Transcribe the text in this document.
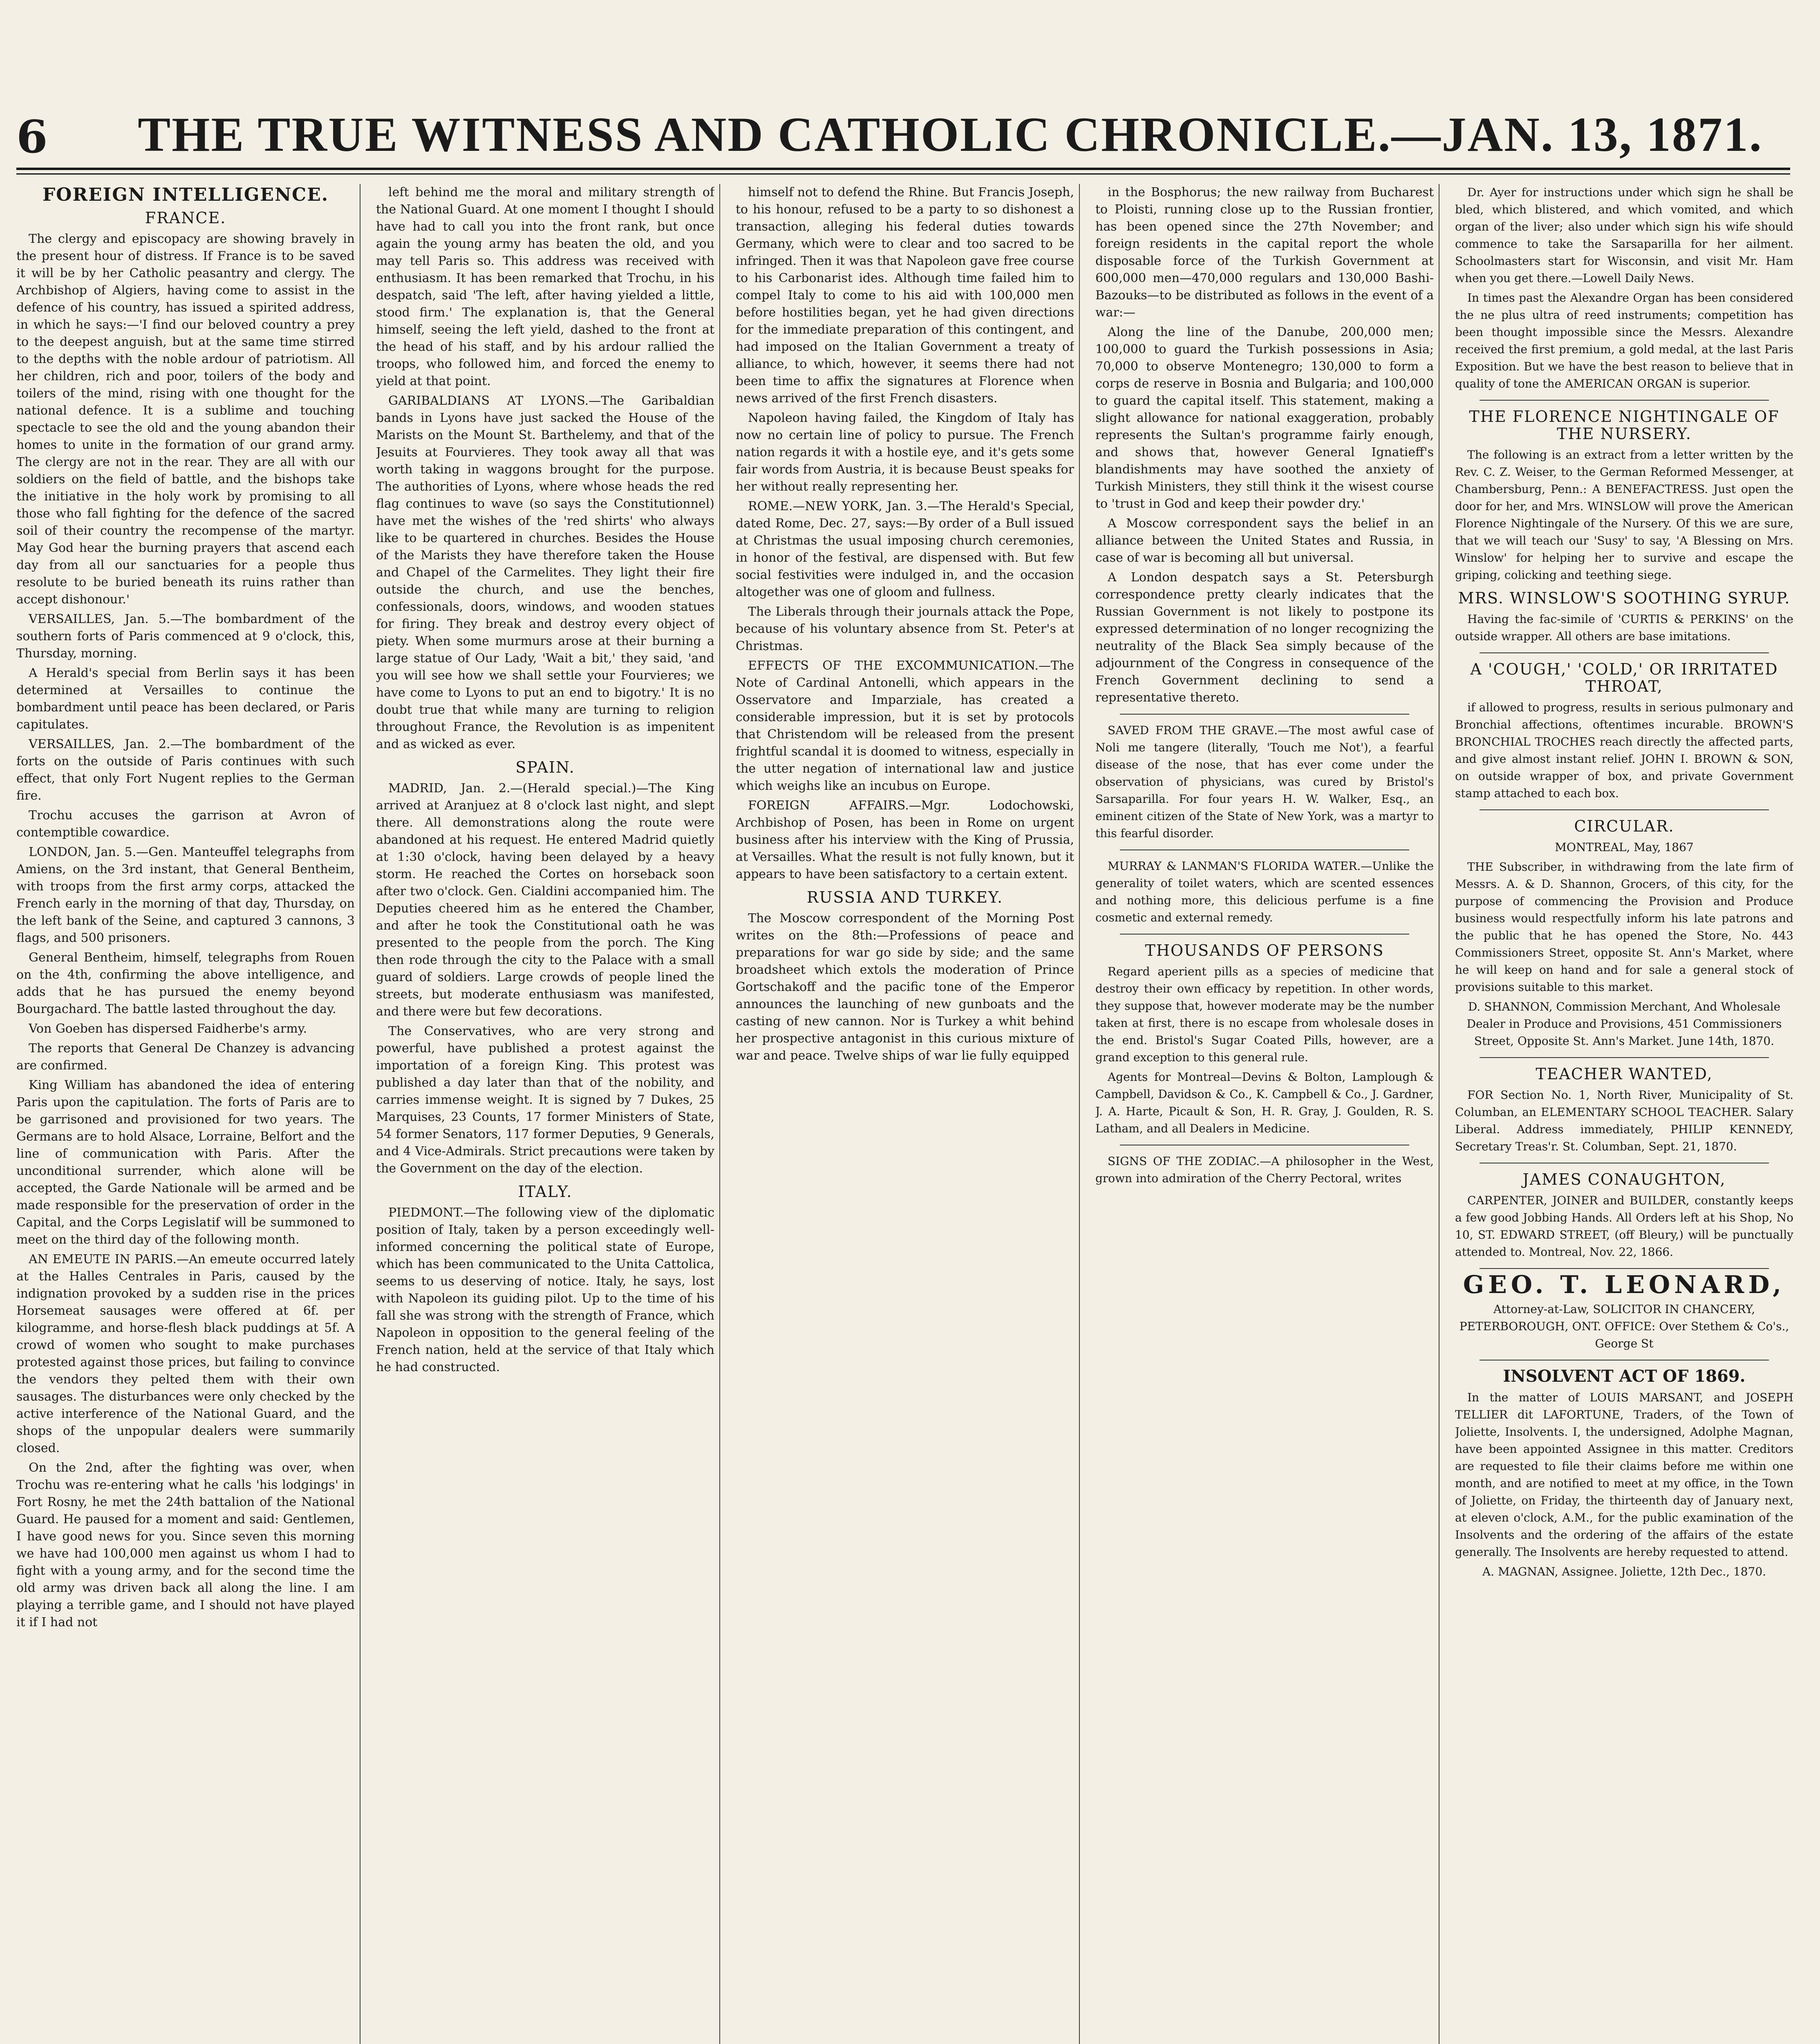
6	THE TRUE WITNESS AND CATHOLIC CHRONICLE.—JAN. 13, 1871.
FOREIGN INTELLIGENCE.
FRANCE.

The clergy and episcopacy are showing bravely in the present hour of distress. If France is to be saved it will be by her Catholic peasantry and clergy. The Archbishop of Algiers, having come to assist in the defence of his country, has issued a spirited address, in which he says:—'I find our beloved country a prey to the deepest anguish, but at the same time stirred to the depths with the noble ardour of patriotism. All her children, rich and poor, toilers of the body and toilers of the mind, rising with one thought for the national defence. It is a sublime and touching spectacle to see the old and the young abandon their homes to unite in the formation of our grand army. The clergy are not in the rear. They are all with our soldiers on the field of battle, and the bishops take the initiative in the holy work by promising to all those who fall fighting for the defence of the sacred soil of their country the recompense of the martyr. May God hear the burning prayers that ascend each day from all our sanctuaries for a people thus resolute to be buried beneath its ruins rather than accept dishonour.'

VERSAILLES, Jan. 5.—The bombardment of the southern forts of Paris commenced at 9 o'clock, this, Thursday, morning.

A Herald's special from Berlin says it has been determined at Versailles to continue the bombardment until peace has been declared, or Paris capitulates.

VERSAILLES, Jan. 2.—The bombardment of the forts on the outside of Paris continues with such effect, that only Fort Nugent replies to the German fire.

Trochu accuses the garrison at Avron of contemptible cowardice.

LONDON, Jan. 5.—Gen. Manteuffel telegraphs from Amiens, on the 3rd instant, that General Bentheim, with troops from the first army corps, attacked the French early in the morning of that day, Thursday, on the left bank of the Seine, and captured 3 cannons, 3 flags, and 500 prisoners.

General Bentheim, himself, telegraphs from Rouen on the 4th, confirming the above intelligence, and adds that he has pursued the enemy beyond Bourgachard. The battle lasted throughout the day.

Von Goeben has dispersed Faidherbe's army.

The reports that General De Chanzey is advancing are confirmed.

King William has abandoned the idea of entering Paris upon the capitulation. The forts of Paris are to be garrisoned and provisioned for two years. The Germans are to hold Alsace, Lorraine, Belfort and the line of communication with Paris. After the unconditional surrender, which alone will be accepted, the Garde Nationale will be armed and be made responsible for the preservation of order in the Capital, and the Corps Legislatif will be summoned to meet on the third day of the following month.

AN EMEUTE IN PARIS.—An emeute occurred lately at the Halles Centrales in Paris, caused by the indignation provoked by a sudden rise in the prices Horsemeat sausages were offered at 6f. per kilogramme, and horse-flesh black puddings at 5f. A crowd of women who sought to make purchases protested against those prices, but failing to convince the vendors they pelted them with their own sausages. The disturbances were only checked by the active interference of the National Guard, and the shops of the unpopular dealers were summarily closed.

On the 2nd, after the fighting was over, when Trochu was re-entering what he calls 'his lodgings' in Fort Rosny, he met the 24th battalion of the National Guard. He paused for a moment and said: Gentlemen, I have good news for you. Since seven this morning we have had 100,000 men against us whom I had to fight with a young army, and for the second time the old army was driven back all along the line. I am playing a terrible game, and I should not have played it if I had not

left behind me the moral and military strength of the National Guard. At one moment I thought I should have had to call you into the front rank, but once again the young army has beaten the old, and you may tell Paris so. This address was received with enthusiasm. It has been remarked that Trochu, in his despatch, said 'The left, after having yielded a little, stood firm.' The explanation is, that the General himself, seeing the left yield, dashed to the front at the head of his staff, and by his ardour rallied the troops, who followed him, and forced the enemy to yield at that point.

GARIBALDIANS AT LYONS.—The Garibaldian bands in Lyons have just sacked the House of the Marists on the Mount St. Barthelemy, and that of the Jesuits at Fourvieres. They took away all that was worth taking in waggons brought for the purpose. The authorities of Lyons, where whose heads the red flag continues to wave (so says the Constitutionnel) have met the wishes of the 'red shirts' who always like to be quartered in churches. Besides the House of the Marists they have therefore taken the House and Chapel of the Carmelites. They light their fire outside the church, and use the benches, confessionals, doors, windows, and wooden statues for firing. They break and destroy every object of piety. When some murmurs arose at their burning a large statue of Our Lady, 'Wait a bit,' they said, 'and you will see how we shall settle your Fourvieres; we have come to Lyons to put an end to bigotry.' It is no doubt true that while many are turning to religion throughout France, the Revolution is as impenitent and as wicked as ever.

SPAIN.

MADRID, Jan. 2.—(Herald special.)—The King arrived at Aranjuez at 8 o'clock last night, and slept there. All demonstrations along the route were abandoned at his request. He entered Madrid quietly at 1:30 o'clock, having been delayed by a heavy storm. He reached the Cortes on horseback soon after two o'clock. Gen. Cialdini accompanied him. The Deputies cheered him as he entered the Chamber, and after he took the Constitutional oath he was presented to the people from the porch. The King then rode through the city to the Palace with a small guard of soldiers. Large crowds of people lined the streets, but moderate enthusiasm was manifested, and there were but few decorations.

The Conservatives, who are very strong and powerful, have published a protest against the importation of a foreign King. This protest was published a day later than that of the nobility, and carries immense weight. It is signed by 7 Dukes, 25 Marquises, 23 Counts, 17 former Ministers of State, 54 former Senators, 117 former Deputies, 9 Generals, and 4 Vice-Admirals. Strict precautions were taken by the Government on the day of the election.

ITALY.

PIEDMONT.—The following view of the diplomatic position of Italy, taken by a person exceedingly well-informed concerning the political state of Europe, which has been communicated to the Unita Cattolica, seems to us deserving of notice. Italy, he says, lost with Napoleon its guiding pilot. Up to the time of his fall she was strong with the strength of France, which Napoleon in opposition to the general feeling of the French nation, held at the service of that Italy which he had constructed.

himself not to defend the Rhine. But Francis Joseph, to his honour, refused to be a party to so dishonest a transaction, alleging his federal duties towards Germany, which were to clear and too sacred to be infringed. Then it was that Napoleon gave free course to his Carbonarist ides. Although time failed him to compel Italy to come to his aid with 100,000 men before hostilities began, yet he had given directions for the immediate preparation of this contingent, and had imposed on the Italian Government a treaty of alliance, to which, however, it seems there had not been time to affix the signatures at Florence when news arrived of the first French disasters.

Napoleon having failed, the Kingdom of Italy has now no certain line of policy to pursue. The French nation regards it with a hostile eye, and it's gets some fair words from Austria, it is because Beust speaks for her without really representing her.

ROME.—NEW YORK, Jan. 3.—The Herald's Special, dated Rome, Dec. 27, says:—By order of a Bull issued at Christmas the usual imposing church ceremonies, in honor of the festival, are dispensed with. But few social festivities were indulged in, and the occasion altogether was one of gloom and fullness.

The Liberals through their journals attack the Pope, because of his voluntary absence from St. Peter's at Christmas.

EFFECTS OF THE EXCOMMUNICATION.—The Note of Cardinal Antonelli, which appears in the Osservatore and Imparziale, has created a considerable impression, but it is set by protocols that Christendom will be released from the present frightful scandal it is doomed to witness, especially in the utter negation of international law and justice which weighs like an incubus on Europe.

FOREIGN AFFAIRS.—Mgr. Lodochowski, Archbishop of Posen, has been in Rome on urgent business after his interview with the King of Prussia, at Versailles. What the result is not fully known, but it appears to have been satisfactory to a certain extent.

RUSSIA AND TURKEY.

The Moscow correspondent of the Morning Post writes on the 8th:—Professions of peace and preparations for war go side by side; and the same broadsheet which extols the moderation of Prince Gortschakoff and the pacific tone of the Emperor announces the launching of new gunboats and the casting of new cannon. Nor is Turkey a whit behind her prospective antagonist in this curious mixture of war and peace. Twelve ships of war lie fully equipped

in the Bosphorus; the new railway from Bucharest to Ploisti, running close up to the Russian frontier, has been opened since the 27th November; and foreign residents in the capital report the whole disposable force of the Turkish Government at 600,000 men—470,000 regulars and 130,000 Bashi-Bazouks—to be distributed as follows in the event of a war:—

Along the line of the Danube, 200,000 men; 100,000 to guard the Turkish possessions in Asia; 70,000 to observe Montenegro; 130,000 to form a corps de reserve in Bosnia and Bulgaria; and 100,000 to guard the capital itself. This statement, making a slight allowance for national exaggeration, probably represents the Sultan's programme fairly enough, and shows that, however General Ignatieff's blandishments may have soothed the anxiety of Turkish Ministers, they still think it the wisest course to 'trust in God and keep their powder dry.'

A Moscow correspondent says the belief in an alliance between the United States and Russia, in case of war is becoming all but universal.

A London despatch says a St. Petersburgh correspondence pretty clearly indicates that the Russian Government is not likely to postpone its expressed determination of no longer recognizing the neutrality of the Black Sea simply because of the adjournment of the Congress in consequence of the French Government declining to send a representative thereto.

SAVED FROM THE GRAVE.—The most awful case of Noli me tangere (literally, 'Touch me Not'), a fearful disease of the nose, that has ever come under the observation of physicians, was cured by Bristol's Sarsaparilla. For four years H. W. Walker, Esq., an eminent citizen of the State of New York, was a martyr to this fearful disorder.

MURRAY & LANMAN'S FLORIDA WATER.—Unlike the generality of toilet waters, which are scented essences and nothing more, this delicious perfume is a fine cosmetic and external remedy.

THOUSANDS OF PERSONS

Regard aperient pills as a species of medicine that destroy their own efficacy by repetition. In other words, they suppose that, however moderate may be the number taken at first, there is no escape from wholesale doses in the end. Bristol's Sugar Coated Pills, however, are a grand exception to this general rule.

Agents for Montreal—Devins & Bolton, Lamplough & Campbell, Davidson & Co., K. Campbell & Co., J. Gardner, J. A. Harte, Picault & Son, H. R. Gray, J. Goulden, R. S. Latham, and all Dealers in Medicine.

SIGNS OF THE ZODIAC.—A philosopher in the West, grown into admiration of the Cherry Pectoral, writes

Dr. Ayer for instructions under which sign he shall be bled, which blistered, and which vomited, and which organ of the liver; also under which sign his wife should commence to take the Sarsaparilla for her ailment. Schoolmasters start for Wisconsin, and visit Mr. Ham when you get there.—Lowell Daily News.

In times past the Alexandre Organ has been considered the ne plus ultra of reed instruments; competition has been thought impossible since the Messrs. Alexandre received the first premium, a gold medal, at the last Paris Exposition. But we have the best reason to believe that in quality of tone the AMERICAN ORGAN is superior.

THE FLORENCE NIGHTINGALE OF THE NURSERY.

The following is an extract from a letter written by the Rev. C. Z. Weiser, to the German Reformed Messenger, at Chambersburg, Penn.: A BENEFACTRESS. Just open the door for her, and Mrs. WINSLOW will prove the American Florence Nightingale of the Nursery. Of this we are sure, that we will teach our 'Susy' to say, 'A Blessing on Mrs. Winslow' for helping her to survive and escape the griping, colicking and teething siege.

MRS. WINSLOW'S SOOTHING SYRUP.

Having the fac-simile of 'CURTIS & PERKINS' on the outside wrapper. All others are base imitations.

A 'COUGH,' 'COLD,' OR IRRITATED THROAT,

if allowed to progress, results in serious pulmonary and Bronchial affections, oftentimes incurable. BROWN'S BRONCHIAL TROCHES reach directly the affected parts, and give almost instant relief. JOHN I. BROWN & SON, on outside wrapper of box, and private Government stamp attached to each box.

CIRCULAR.

MONTREAL, May, 1867

THE Subscriber, in withdrawing from the late firm of Messrs. A. & D. Shannon, Grocers, of this city, for the purpose of commencing the Provision and Produce business would respectfully inform his late patrons and the public that he has opened the Store, No. 443 Commissioners Street, opposite St. Ann's Market, where he will keep on hand and for sale a general stock of provisions suitable to this market.

D. SHANNON, Commission Merchant, And Wholesale Dealer in Produce and Provisions, 451 Commissioners Street, Opposite St. Ann's Market. June 14th, 1870.

TEACHER WANTED,

FOR Section No. 1, North River, Municipality of St. Columban, an ELEMENTARY SCHOOL TEACHER. Salary Liberal. Address immediately, PHILIP KENNEDY, Secretary Treas'r. St. Columban, Sept. 21, 1870.

JAMES CONAUGHTON,

CARPENTER, JOINER and BUILDER, constantly keeps a few good Jobbing Hands. All Orders left at his Shop, No 10, ST. EDWARD STREET, (off Bleury,) will be punctually attended to. Montreal, Nov. 22, 1866.

GEO. T. LEONARD,

Attorney-at-Law, SOLICITOR IN CHANCERY, PETERBOROUGH, ONT. OFFICE: Over Stethem & Co's., George St

INSOLVENT ACT OF 1869.

In the matter of LOUIS MARSANT, and JOSEPH TELLIER dit LAFORTUNE, Traders, of the Town of Joliette, Insolvents. I, the undersigned, Adolphe Magnan, have been appointed Assignee in this matter. Creditors are requested to file their claims before me within one month, and are notified to meet at my office, in the Town of Joliette, on Friday, the thirteenth day of January next, at eleven o'clock, A.M., for the public examination of the Insolvents and the ordering of the affairs of the estate generally. The Insolvents are hereby requested to attend.

A. MAGNAN, Assignee. Joliette, 12th Dec., 1870.
